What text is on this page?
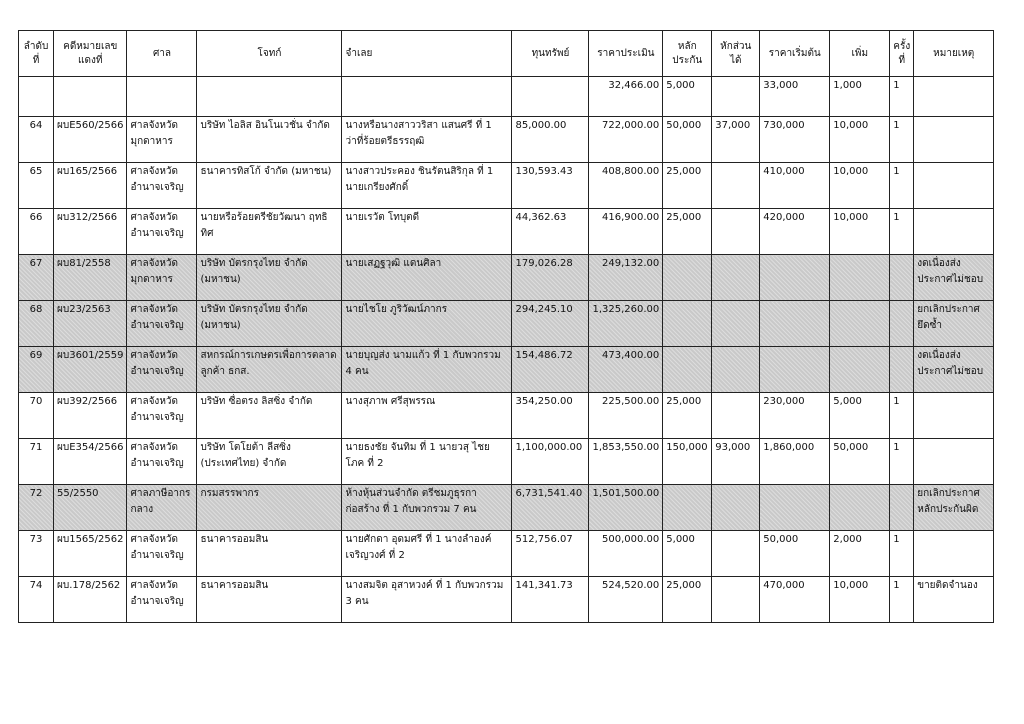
ลำดับที่	คดีหมายเลขแดงที่	ศาล	โจทก์	จำเลย	ทุนทรัพย์	ราคาประเมิน	หลักประกัน	หักส่วนได้	ราคาเริ่มต้น	เพิ่ม	ครั้งที่	หมายเหตุ

						32,466.00	5,000		33,000	1,000	1	

64	ผบE560/2566	ศาลจังหวัดมุกดาหาร	บริษัท ไอลิส อินโนเวชั่น จำกัด	นางหรือนางสาววริสา แสนศรี ที่ 1 ว่าที่ร้อยตรีธรรฤฒิ	85,000.00	722,000.00	50,000	37,000	730,000	10,000	1	

65	ผบ165/2566	ศาลจังหวัดอำนาจเจริญ	ธนาคารทิสโก้ จำกัด (มหาชน)	นางสาวประคอง ชินรัตนสิริกุล ที่ 1 นายเกรียงศักดิ์	130,593.43	408,800.00	25,000		410,000	10,000	1	

66	ผบ312/2566	ศาลจังหวัดอำนาจเจริญ	นายหรือร้อยตรีชัยวัฒนา ฤทธิทิศ	นายเรวัต โทบุตดี	44,362.63	416,900.00	25,000		420,000	10,000	1	

67	ผบ81/2558	ศาลจังหวัดมุกดาหาร	บริษัท บัตรกรุงไทย จำกัด (มหาชน)	นายเสฏฐวุฒิ แดนศิลา	179,026.28	249,132.00						งดเนื่องส่งประกาศไม่ชอบ

68	ผบ23/2563	ศาลจังหวัดอำนาจเจริญ	บริษัท บัตรกรุงไทย จำกัด (มหาชน)	นายไชโย ภูริวัฒน์ภากร	294,245.10	1,325,260.00						ยกเลิกประกาศยึดซ้ำ

69	ผบ3601/2559	ศาลจังหวัดอำนาจเจริญ	สหกรณ์การเกษตรเพื่อการตลาดลูกค้า ธกส.	นายบุญส่ง นามแก้ว ที่ 1 กับพวกรวม 4 คน	154,486.72	473,400.00						งดเนื่องส่งประกาศไม่ชอบ

70	ผบ392/2566	ศาลจังหวัดอำนาจเจริญ	บริษัท ซื่อตรง ลิสซิ่ง จำกัด	นางสุภาพ ศรีสุพรรณ	354,250.00	225,500.00	25,000		230,000	5,000	1	

71	ผบE354/2566	ศาลจังหวัดอำนาจเจริญ	บริษัท โตโยต้า ลีสซิ่ง (ประเทศไทย) จำกัด	นายธงชัย จันทิม ที่ 1 นายวสุ ไชยโภค ที่ 2	1,100,000.00	1,853,550.00	150,000	93,000	1,860,000	50,000	1	

72	55/2550	ศาลภาษีอากรกลาง	กรมสรรพากร	ห้างหุ้นส่วนจำกัด ตรีชมภูธุรกา ก่อสร้าง ที่ 1 กับพวกรวม 7 คน	6,731,541.40	1,501,500.00						ยกเลิกประกาศหลักประกันผิด

73	ผบ1565/2562	ศาลจังหวัดอำนาจเจริญ	ธนาคารออมสิน	นายศักดา อุดมศรี ที่ 1 นางลำองค์ เจริญวงศ์ ที่ 2	512,756.07	500,000.00	5,000		50,000	2,000	1	

74	ผบ.178/2562	ศาลจังหวัดอำนาจเจริญ	ธนาคารออมสิน	นางสมจิต อุสาหวงค์ ที่ 1 กับพวกรวม 3 คน	141,341.73	524,520.00	25,000		470,000	10,000	1	ขายติดจำนอง
